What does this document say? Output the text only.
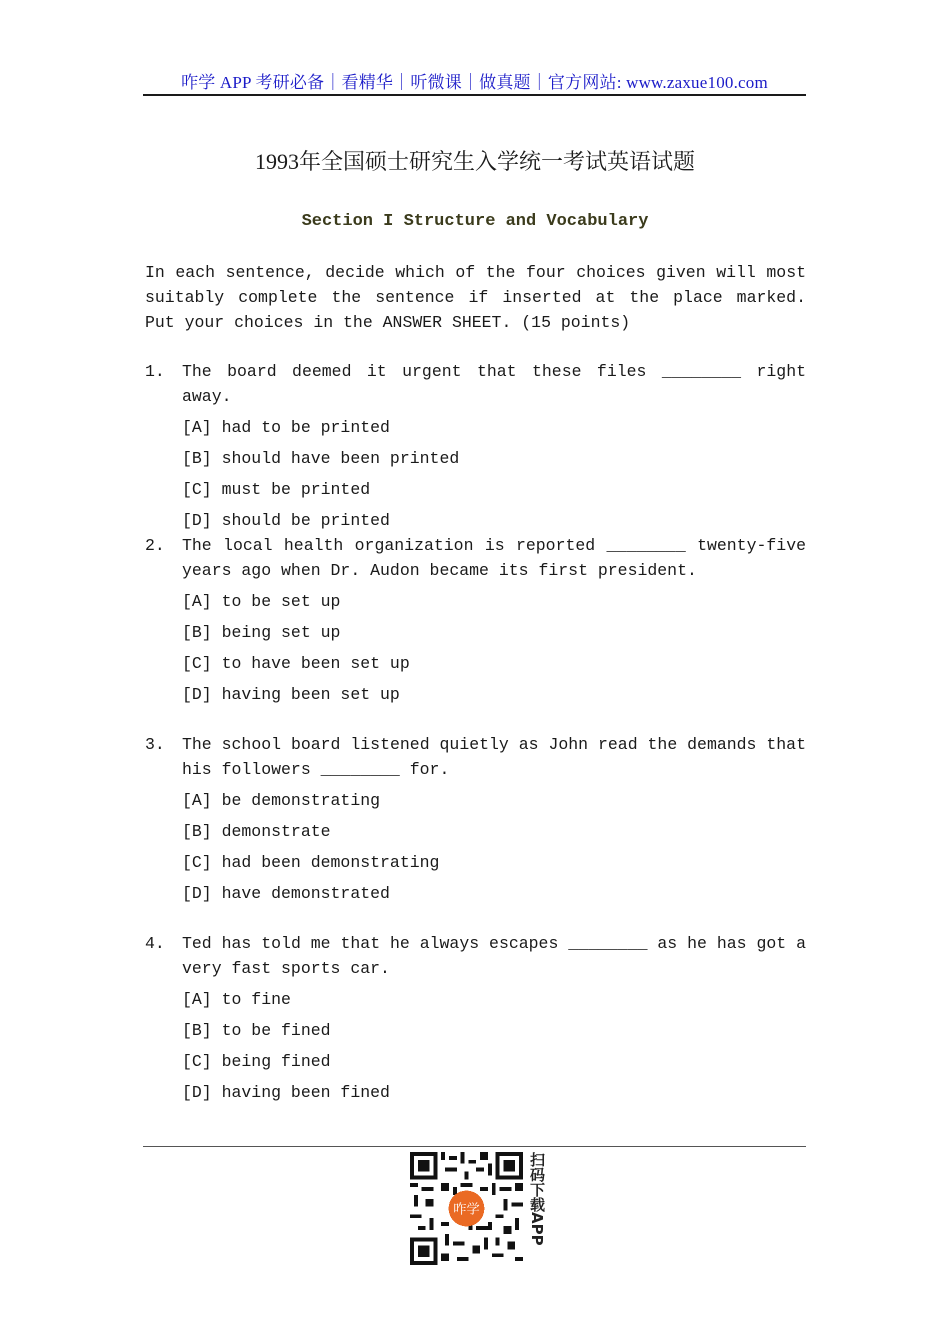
咋学 APP 考研必备｜看精华｜听微课｜做真题｜官方网站: www.zaxue100.com
1993年全国硕士研究生入学统一考试英语试题
Section I Structure and Vocabulary
In each sentence, decide which of the four choices given will most suitably complete the sentence if inserted at the place marked. Put your choices in the ANSWER SHEET. (15 points)
1.	The board deemed it urgent that these files ________ right away.
[A] had to be printed
[B] should have been printed
[C] must be printed
[D] should be printed
2.	The local health organization is reported ________ twenty-five years ago when Dr. Audon became its first president.
[A] to be set up
[B] being set up
[C] to have been set up
[D] having been set up
3.	The school board listened quietly as John read the demands that his followers ________ for.
[A] be demonstrating
[B] demonstrate
[C] had been demonstrating
[D] have demonstrated
4.	Ted has told me that he always escapes ________ as he has got a very fast sports car.
[A] to fine
[B] to be fined
[C] being fined
[D] having been fined
咋学	扫码下载APP
